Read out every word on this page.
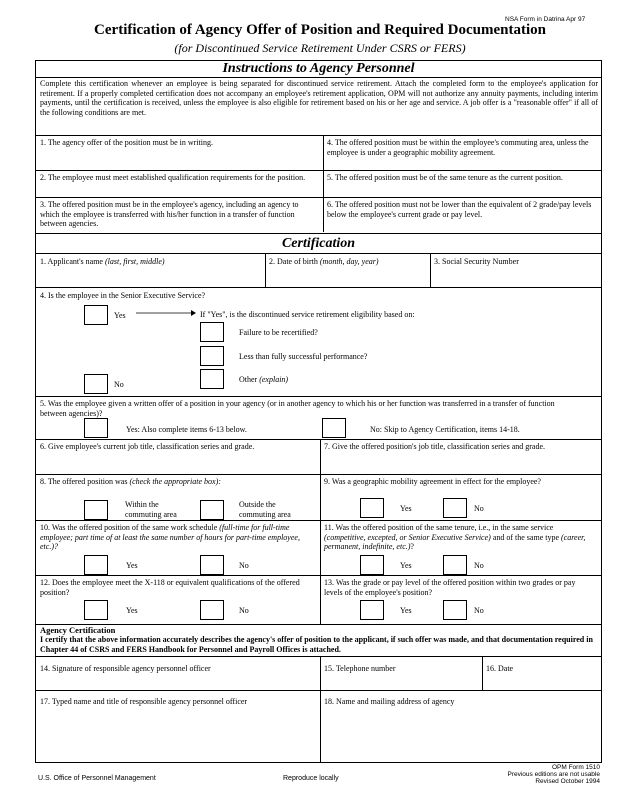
NSA Form in Datrina Apr 97
Certification of Agency Offer of Position and Required Documentation
(for Discontinued Service Retirement Under CSRS or FERS)
Instructions to Agency Personnel
Complete this certification whenever an employee is being separated for discontinued service retirement. Attach the completed form to the employee's application for retirement. If a properly completed certification does not accompany an employee's retirement application, OPM will not authorize any annuity payments, including interim payments, until the certification is received, unless the employee is also eligible for retirement based on his or her age and service. A job offer is a "reasonable offer" if all of the following conditions are met.
1. The agency offer of the position must be in writing.	4. The offered position must be within the employee's commuting area, unless the employee is under a geographic mobility agreement.
2. The employee must meet established qualification requirements for the position.	5. The offered position must be of the same tenure as the current position.
3. The offered position must be in the employee's agency, including an agency to which the employee is transferred with his/her function in a transfer of function between agencies.
6. The offered position must not be lower than the equivalent of 2 grade/pay levels below the employee's current grade or pay level.
Certification
1. Applicant's name (last, first, middle)	2. Date of birth (month, day, year)	3. Social Security Number
4. Is the employee in the Senior Executive Service?
Yes	If "Yes", is the discontinued service retirement eligibility based on:
Failure to be recertified?
Less than fully successful performance?
Other (explain)
No
5. Was the employee given a written offer of a position in your agency (or in another agency to which his or her function was transferred in a transfer of function between agencies)?
Yes: Also complete items 6-13 below.	No: Skip to Agency Certification, items 14-18.
6. Give employee's current job title, classification series and grade.	7. Give the offered position's job title, classification series and grade.
8. The offered position was (check the appropriate box):
Within the commuting area
Outside the commuting area
9. Was a geographic mobility agreement in effect for the employee?
Yes	No
10. Was the offered position of the same work schedule (full-time for full-time employee; part time of at least the same number of hours for part-time employee, etc.)?
Yes	No
11. Was the offered position of the same tenure, i.e., in the same service (competitive, excepted, or Senior Executive Service) and of the same type (career, permanent, indefinite, etc.)?
Yes	No
12. Does the employee meet the X-118 or equivalent qualifications of the offered position?
Yes	No
13. Was the grade or pay level of the offered position within two grades or pay levels of the employee's position?
Yes	No
Agency Certification
I certify that the above information accurately describes the agency's offer of position to the applicant, if such offer was made, and that documentation required in Chapter 44 of CSRS and FERS Handbook for Personnel and Payroll Offices is attached.
14. Signature of responsible agency personnel officer	15. Telephone number	16. Date
17. Typed name and title of responsible agency personnel officer	18. Name and mailing address of agency
U.S. Office of Personnel Management	Reproduce locally
OPM Form 1510
Previous editions are not usable
Revised October 1994
